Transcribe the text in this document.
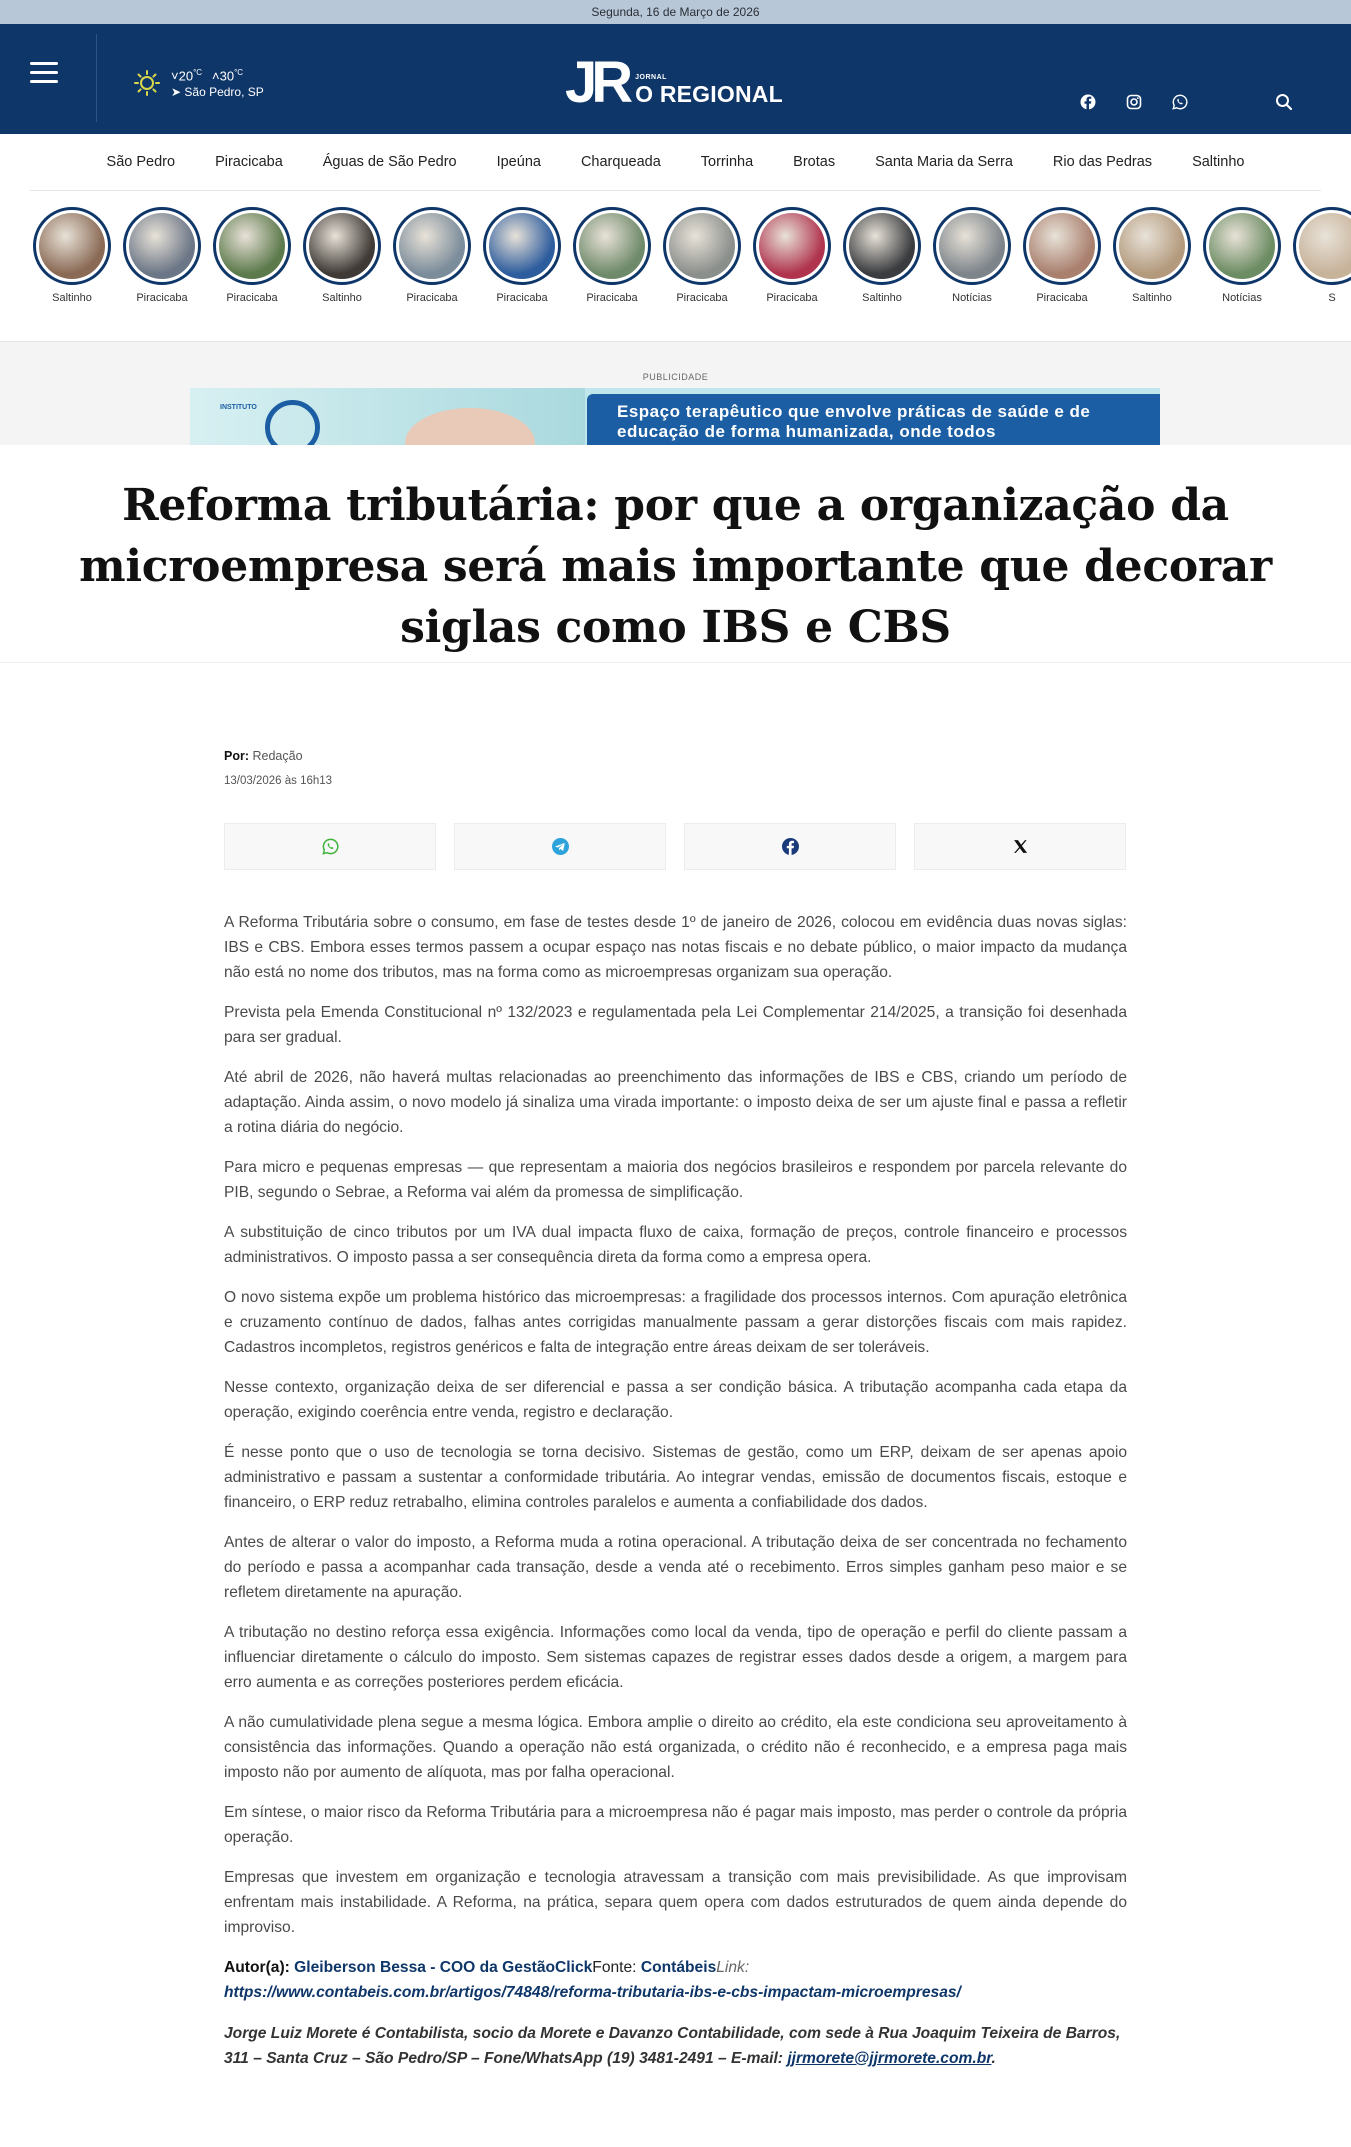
Segunda, 16 de Março de 2026
$˅20^{^\circ C}$ $˄30^{^\circ C}$
➤ São Pedro, SP	JR JORNAL
O REGIONAL
São Pedro	Piracicaba	Águas de São Pedro	Ipeúna	Charqueada	Torrinha	Brotas	Santa Maria da Serra	Rio das Pedras	Saltinho
Saltinho	Piracicaba	Piracicaba	Saltinho	Piracicaba	Piracicaba	Piracicaba	Piracicaba	Piracicaba	Saltinho	Notícias	Piracicaba	Saltinho	Notícias	S
PUBLICIDADE
INSTITUTO	Espaço terapêutico que envolve práticas de saúde e de educação de forma humanizada, onde todos
Reforma tributária: por que a organização da microempresa será mais importante que decorar siglas como IBS e CBS
Por: Redação
13/03/2026 às 16h13

A Reforma Tributária sobre o consumo, em fase de testes desde 1º de janeiro de 2026, colocou em evidência duas novas siglas: IBS e CBS. Embora esses termos passem a ocupar espaço nas notas fiscais e no debate público, o maior impacto da mudança não está no nome dos tributos, mas na forma como as microempresas organizam sua operação.

Prevista pela Emenda Constitucional nº 132/2023 e regulamentada pela Lei Complementar 214/2025, a transição foi desenhada para ser gradual.

Até abril de 2026, não haverá multas relacionadas ao preenchimento das informações de IBS e CBS, criando um período de adaptação. Ainda assim, o novo modelo já sinaliza uma virada importante: o imposto deixa de ser um ajuste final e passa a refletir a rotina diária do negócio.

Para micro e pequenas empresas — que representam a maioria dos negócios brasileiros e respondem por parcela relevante do PIB, segundo o Sebrae, a Reforma vai além da promessa de simplificação.

A substituição de cinco tributos por um IVA dual impacta fluxo de caixa, formação de preços, controle financeiro e processos administrativos. O imposto passa a ser consequência direta da forma como a empresa opera.

O novo sistema expõe um problema histórico das microempresas: a fragilidade dos processos internos. Com apuração eletrônica e cruzamento contínuo de dados, falhas antes corrigidas manualmente passam a gerar distorções fiscais com mais rapidez. Cadastros incompletos, registros genéricos e falta de integração entre áreas deixam de ser toleráveis.

Nesse contexto, organização deixa de ser diferencial e passa a ser condição básica. A tributação acompanha cada etapa da operação, exigindo coerência entre venda, registro e declaração.

É nesse ponto que o uso de tecnologia se torna decisivo. Sistemas de gestão, como um ERP, deixam de ser apenas apoio administrativo e passam a sustentar a conformidade tributária. Ao integrar vendas, emissão de documentos fiscais, estoque e financeiro, o ERP reduz retrabalho, elimina controles paralelos e aumenta a confiabilidade dos dados.

Antes de alterar o valor do imposto, a Reforma muda a rotina operacional. A tributação deixa de ser concentrada no fechamento do período e passa a acompanhar cada transação, desde a venda até o recebimento. Erros simples ganham peso maior e se refletem diretamente na apuração.

A tributação no destino reforça essa exigência. Informações como local da venda, tipo de operação e perfil do cliente passam a influenciar diretamente o cálculo do imposto. Sem sistemas capazes de registrar esses dados desde a origem, a margem para erro aumenta e as correções posteriores perdem eficácia.

A não cumulatividade plena segue a mesma lógica. Embora amplie o direito ao crédito, ela este condiciona seu aproveitamento à consistência das informações. Quando a operação não está organizada, o crédito não é reconhecido, e a empresa paga mais imposto não por aumento de alíquota, mas por falha operacional.

Em síntese, o maior risco da Reforma Tributária para a microempresa não é pagar mais imposto, mas perder o controle da própria operação.

Empresas que investem em organização e tecnologia atravessam a transição com mais previsibilidade. As que improvisam enfrentam mais instabilidade. A Reforma, na prática, separa quem opera com dados estruturados de quem ainda depende do improviso.

Autor(a): Gleiberson Bessa - COO da GestãoClickFonte: ContábeisLink: https://www.contabeis.com.br/artigos/74848/reforma-tributaria-ibs-e-cbs-impactam-microempresas/
Jorge Luiz Morete é Contabilista, socio da Morete e Davanzo Contabilidade, com sede à Rua Joaquim Teixeira de Barros, 311 – Santa Cruz – São Pedro/SP – Fone/WhatsApp (19) 3481-2491 – E-mail: jjrmorete@jjrmorete.com.br.
